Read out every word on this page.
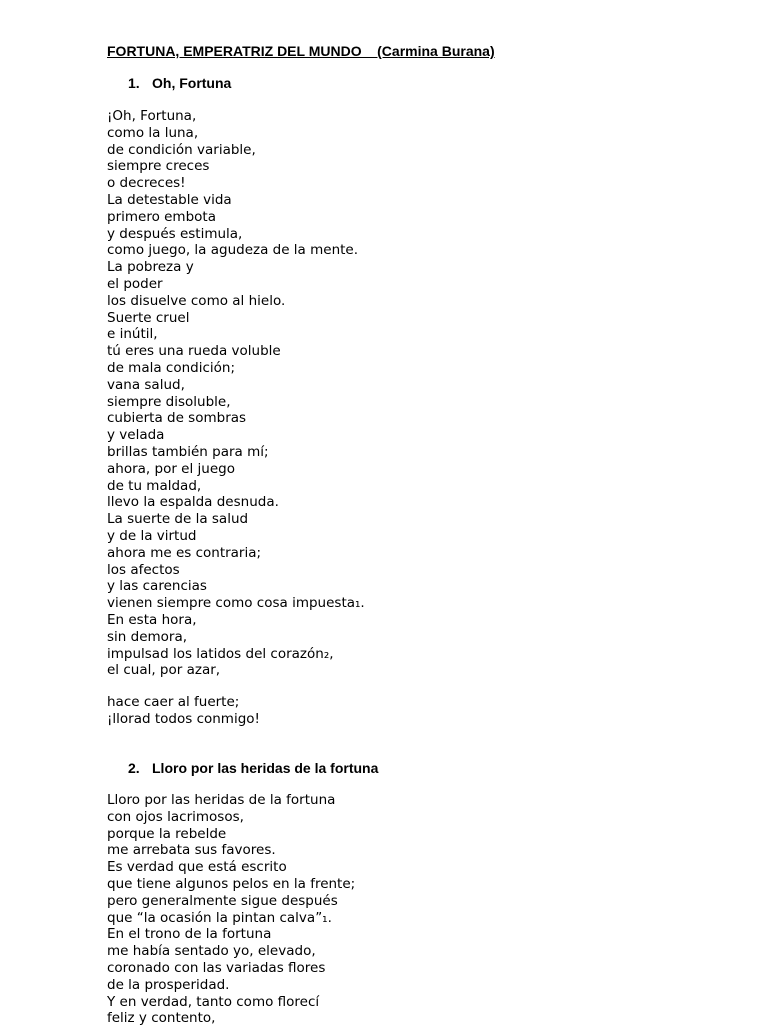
FORTUNA, EMPERATRIZ DEL MUNDO    (Carmina Burana)
1. Oh, Fortuna
¡Oh, Fortuna,
como la luna,
de condición variable,
siempre creces
o decreces!
La detestable vida
primero embota
y después estimula,
como juego, la agudeza de la mente.
La pobreza y
el poder
los disuelve como al hielo.
Suerte cruel
e inútil,
tú eres una rueda voluble
de mala condición;
vana salud,
siempre disoluble,
cubierta de sombras
y velada
brillas también para mí;
ahora, por el juego
de tu maldad,
llevo la espalda desnuda.
La suerte de la salud
y de la virtud
ahora me es contraria;
los afectos
y las carencias
vienen siempre como cosa impuesta₁.
En esta hora,
sin demora,
impulsad los latidos del corazón₂,
el cual, por azar,
hace caer al fuerte;
¡llorad todos conmigo!
2. Lloro por las heridas de la fortuna
Lloro por las heridas de la fortuna
con ojos lacrimosos,
porque la rebelde
me arrebata sus favores.
Es verdad que está escrito
que tiene algunos pelos en la frente;
pero generalmente sigue después
que “la ocasión la pintan calva”₁.
En el trono de la fortuna
me había sentado yo, elevado,
coronado con las variadas flores
de la prosperidad.
Y en verdad, tanto como florecí
feliz y contento,
